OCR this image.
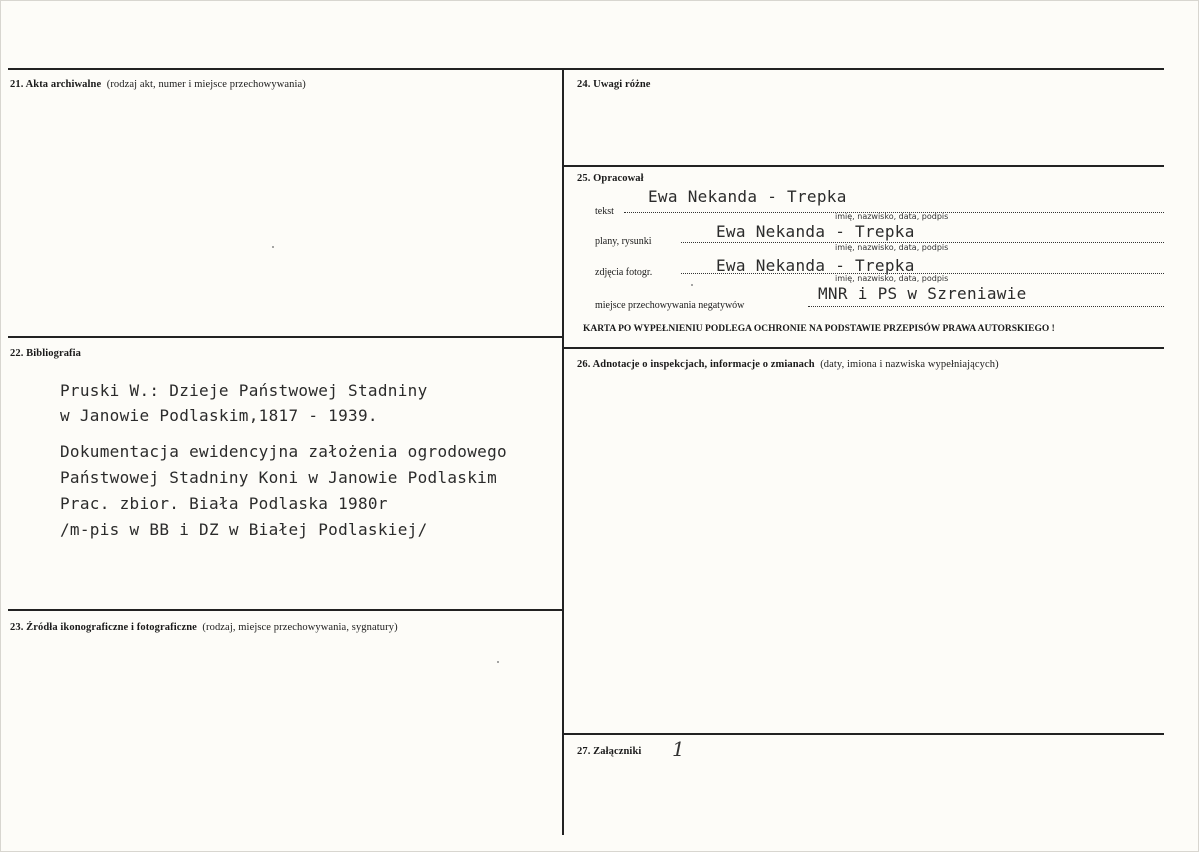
21. Akta archiwalne (rodzaj akt, numer i miejsce przechowywania)
22. Bibliografia
Pruski W.: Dzieje Państwowej Stadniny
w Janowie Podlaskim,1817 - 1939.
Dokumentacja ewidencyjna założenia ogrodowego
Państwowej Stadniny Koni w Janowie Podlaskim
Prac. zbior. Biała Podlaska 1980r
/m-pis w BB i DZ w Białej Podlaskiej/
23. Źródła ikonograficzne i fotograficzne (rodzaj, miejsce przechowywania, sygnatury)
24. Uwagi różne
25. Opracował
Ewa Nekanda - Trepka
tekst	imię, nazwisko, data, podpis
Ewa Nekanda - Trepka
plany, rysunki
imię, nazwisko, data, podpis
Ewa Nekanda - Trepka
zdjęcia fotogr.
imię, nazwisko, data, podpis
MNR i PS w Szreniawie
miejsce przechowywania negatywów
KARTA PO WYPEŁNIENIU PODLEGA OCHRONIE NA PODSTAWIE PRZEPISÓW PRAWA AUTORSKIEGO !
26. Adnotacje o inspekcjach, informacje o zmianach (daty, imiona i nazwiska wypełniających)
27. Załączniki 1
